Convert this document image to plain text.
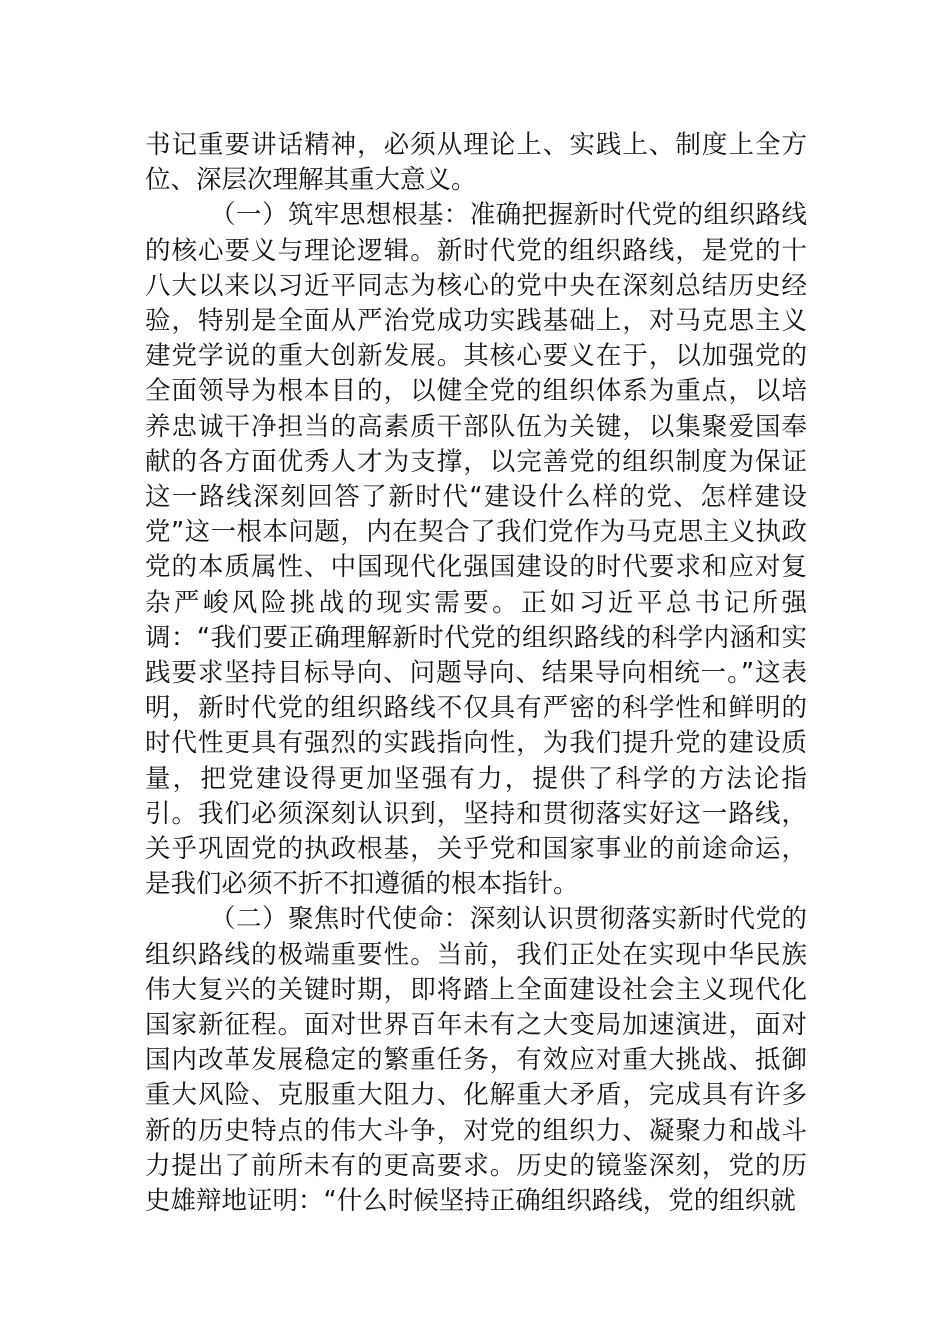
书记重要讲话精神，必须从理论上、实践上、制度上全方位、深层次理解其重大意义。

（一）筑牢思想根基：准确把握新时代党的组织路线的核心要义与理论逻辑。新时代党的组织路线，是党的十八大以来以习近平同志为核心的党中央在深刻总结历史经验，特别是全面从严治党成功实践基础上，对马克思主义建党学说的重大创新发展。其核心要义在于，以加强党的全面领导为根本目的，以健全党的组织体系为重点，以培养忠诚干净担当的高素质干部队伍为关键，以集聚爱国奉献的各方面优秀人才为支撑，以完善党的组织制度为保证这一路线深刻回答了新时代“建设什么样的党、怎样建设党”这一根本问题，内在契合了我们党作为马克思主义执政党的本质属性、中国现代化强国建设的时代要求和应对复杂严峻风险挑战的现实需要。正如习近平总书记所强调：“我们要正确理解新时代党的组织路线的科学内涵和实践要求坚持目标导向、问题导向、结果导向相统一。”这表明，新时代党的组织路线不仅具有严密的科学性和鲜明的时代性更具有强烈的实践指向性，为我们提升党的建设质量，把党建设得更加坚强有力，提供了科学的方法论指引。我们必须深刻认识到，坚持和贯彻落实好这一路线，关乎巩固党的执政根基，关乎党和国家事业的前途命运，是我们必须不折不扣遵循的根本指针。

（二）聚焦时代使命：深刻认识贯彻落实新时代党的组织路线的极端重要性。当前，我们正处在实现中华民族伟大复兴的关键时期，即将踏上全面建设社会主义现代化国家新征程。面对世界百年未有之大变局加速演进，面对国内改革发展稳定的繁重任务，有效应对重大挑战、抵御重大风险、克服重大阻力、化解重大矛盾，完成具有许多新的历史特点的伟大斗争，对党的组织力、凝聚力和战斗力提出了前所未有的更高要求。历史的镜鉴深刻，党的历史雄辩地证明：“什么时候坚持正确组织路线，党的组织就
